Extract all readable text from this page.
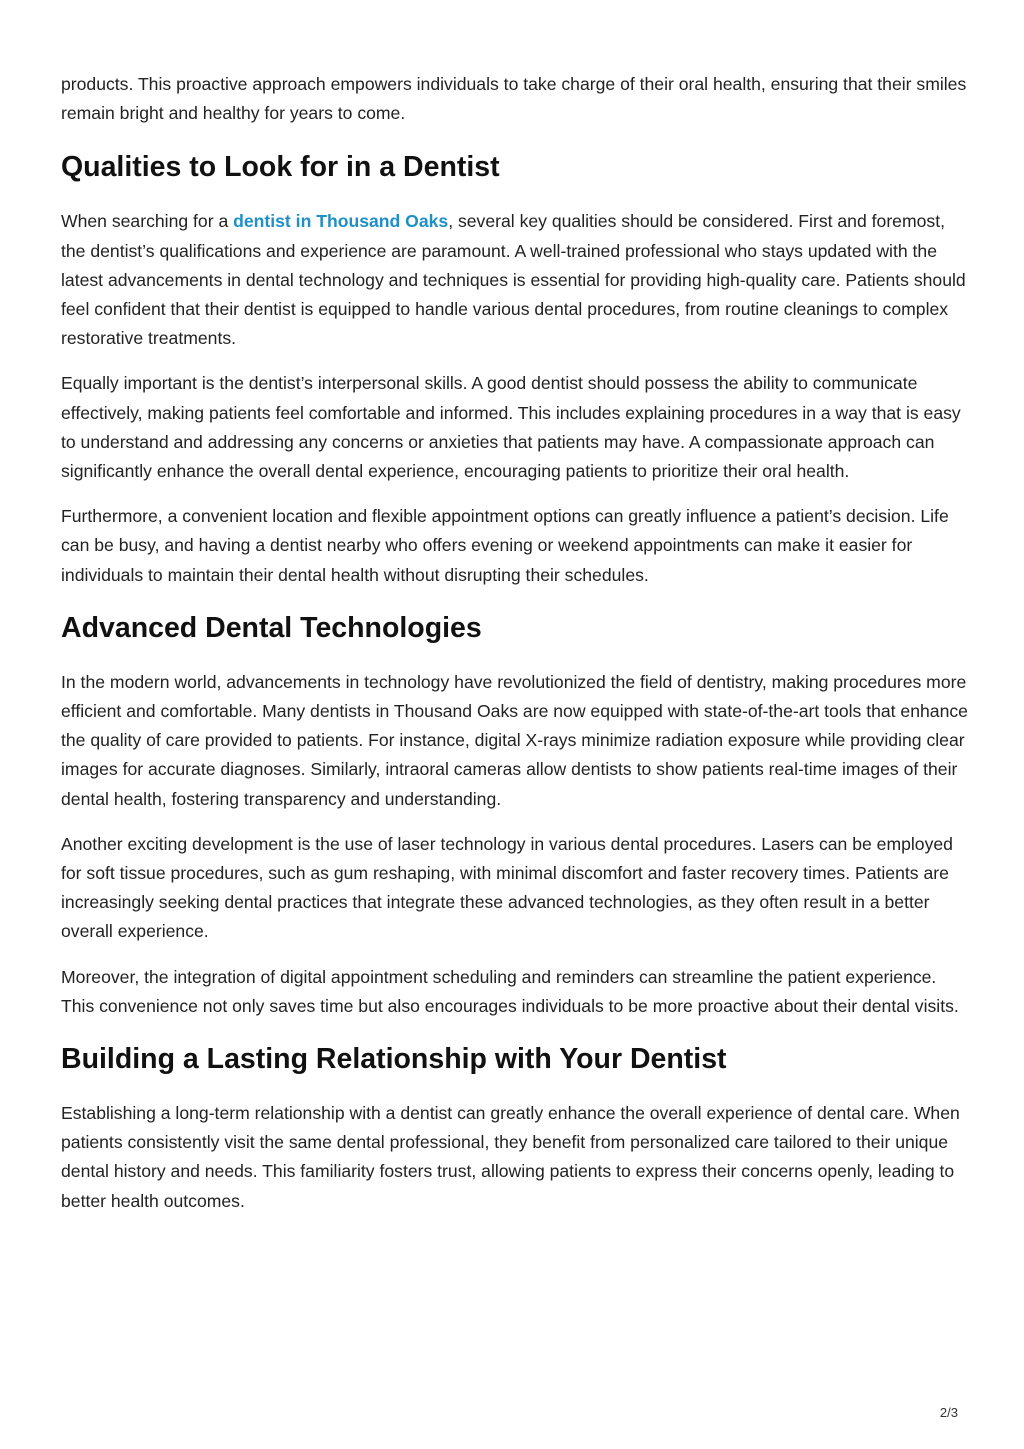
products. This proactive approach empowers individuals to take charge of their oral health, ensuring that their smiles remain bright and healthy for years to come.

Qualities to Look for in a Dentist

When searching for a dentist in Thousand Oaks, several key qualities should be considered. First and foremost, the dentist’s qualifications and experience are paramount. A well-trained professional who stays updated with the latest advancements in dental technology and techniques is essential for providing high-quality care. Patients should feel confident that their dentist is equipped to handle various dental procedures, from routine cleanings to complex restorative treatments.

Equally important is the dentist’s interpersonal skills. A good dentist should possess the ability to communicate effectively, making patients feel comfortable and informed. This includes explaining procedures in a way that is easy to understand and addressing any concerns or anxieties that patients may have. A compassionate approach can significantly enhance the overall dental experience, encouraging patients to prioritize their oral health.

Furthermore, a convenient location and flexible appointment options can greatly influence a patient’s decision. Life can be busy, and having a dentist nearby who offers evening or weekend appointments can make it easier for individuals to maintain their dental health without disrupting their schedules.

Advanced Dental Technologies

In the modern world, advancements in technology have revolutionized the field of dentistry, making procedures more efficient and comfortable. Many dentists in Thousand Oaks are now equipped with state-of-the-art tools that enhance the quality of care provided to patients. For instance, digital X-rays minimize radiation exposure while providing clear images for accurate diagnoses. Similarly, intraoral cameras allow dentists to show patients real-time images of their dental health, fostering transparency and understanding.

Another exciting development is the use of laser technology in various dental procedures. Lasers can be employed for soft tissue procedures, such as gum reshaping, with minimal discomfort and faster recovery times. Patients are increasingly seeking dental practices that integrate these advanced technologies, as they often result in a better overall experience.

Moreover, the integration of digital appointment scheduling and reminders can streamline the patient experience. This convenience not only saves time but also encourages individuals to be more proactive about their dental visits.

Building a Lasting Relationship with Your Dentist

Establishing a long-term relationship with a dentist can greatly enhance the overall experience of dental care. When patients consistently visit the same dental professional, they benefit from personalized care tailored to their unique dental history and needs. This familiarity fosters trust, allowing patients to express their concerns openly, leading to better health outcomes.

2/3
